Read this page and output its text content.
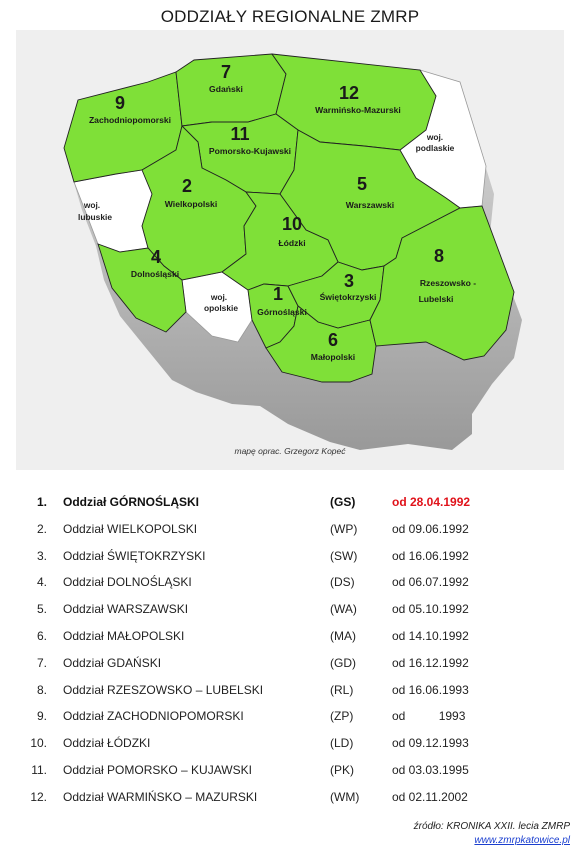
ODDZIAŁY REGIONALNE ZMRP
7
Gdański	12
Warmińsko-Mazurski
9
Zachodniopomorski
11
Pomorsko-Kujawski
2
Wielkopolski
5
Warszawski
10
Łódzki
4
Dolnośląski
8
Rzeszowsko -
Lubelski
3
Świętokrzyski
1
Górnośląski
6
Małopolski
woj.
podlaskie
woj.
lubuskie
woj.
opolskie
mapę oprac. Grzegorz Kopeć
1. Oddział GÓRNOŚLĄSKI	(GS)	od 28.04.1992
2. Oddział WIELKOPOLSKI	(WP)	od 09.06.1992
3. Oddział ŚWIĘTOKRZYSKI	(SW)	od 16.06.1992
4. Oddział DOLNOŚLĄSKI	(DS)	od 06.07.1992
5. Oddział WARSZAWSKI	(WA)	od 05.10.1992
6. Oddział MAŁOPOLSKI	(MA)	od 14.10.1992
7. Oddział GDAŃSKI	(GD)	od 16.12.1992
8. Oddział RZESZOWSKO – LUBELSKI	(RL)	od 16.06.1993
9. Oddział ZACHODNIOPOMORSKI	(ZP)	od          1993
10. Oddział ŁÓDZKI	(LD)	od 09.12.1993
11. Oddział POMORSKO – KUJAWSKI	(PK)	od 03.03.1995
12. Oddział WARMIŃSKO – MAZURSKI	(WM)	od 02.11.2002
źródło: KRONIKA XXII. lecia ZMRP
www.zmrpkatowice.pl
